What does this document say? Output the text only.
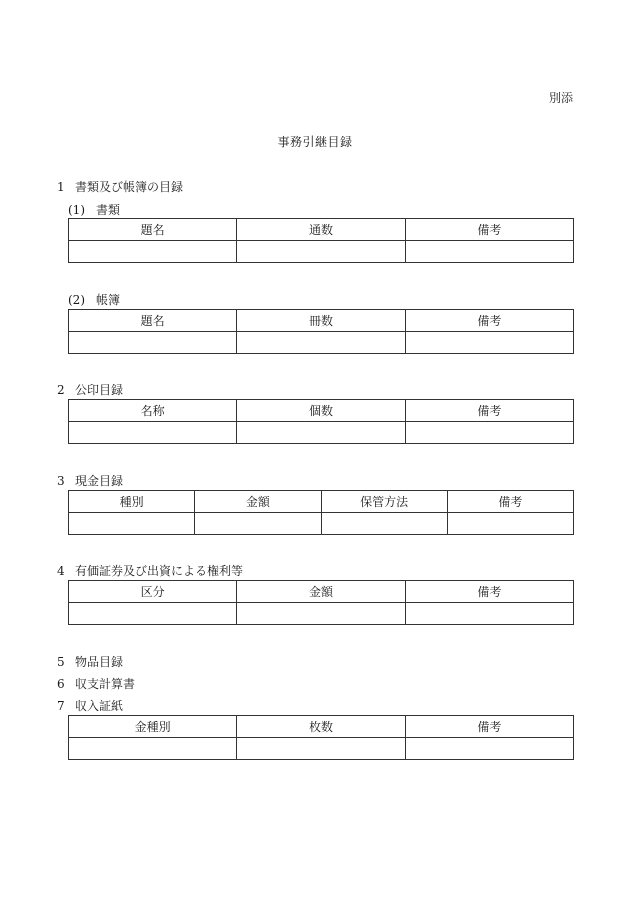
別添
事務引継目録
1 書類及び帳簿の目録
(1) 書類
題名	通数	備考

(2) 帳簿
題名	冊数	備考

2 公印目録
名称	個数	備考

3 現金目録
種別	金額	保管方法	備考

4 有価証券及び出資による権利等
区分	金額	備考

5 物品目録
6 収支計算書
7 収入証紙
金種別	枚数	備考
